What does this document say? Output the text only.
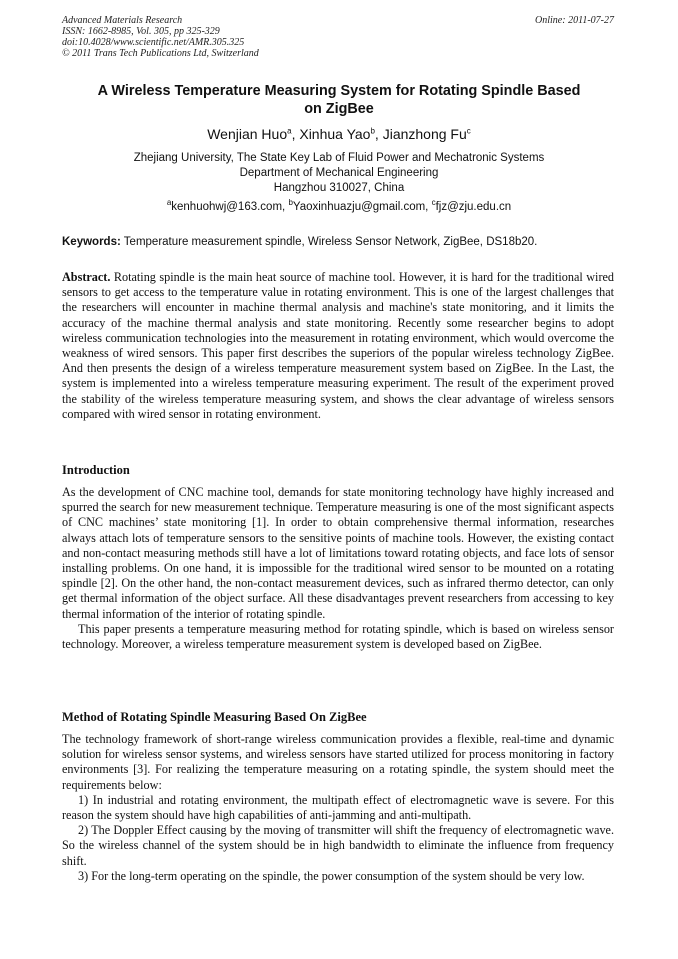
Advanced Materials Research
ISSN: 1662-8985, Vol. 305, pp 325-329
doi:10.4028/www.scientific.net/AMR.305.325
© 2011 Trans Tech Publications Ltd, Switzerland
Online: 2011-07-27
A Wireless Temperature Measuring System for Rotating Spindle Based
on ZigBee
Wenjian Huo$^a$, Xinhua Yao$^b$, Jianzhong Fu$^c$
Zhejiang University, The State Key Lab of Fluid Power and Mechatronic Systems
Department of Mechanical Engineering
Hangzhou 310027, China
$^a$kenhuohwj@163.com, $^b$Yaoxinhuazju@gmail.com, $^c$fjz@zju.edu.cn
Keywords: Temperature measurement spindle, Wireless Sensor Network, ZigBee, DS18b20.

Abstract. Rotating spindle is the main heat source of machine tool. However, it is hard for the traditional wired sensors to get access to the temperature value in rotating environment. This is one of the largest challenges that the researchers will encounter in machine thermal analysis and machine's state monitoring, and it limits the accuracy of the machine thermal analysis and state monitoring. Recently some researcher begins to adopt wireless communication technologies into the measurement in rotating environment, which would overcome the weakness of wired sensors. This paper first describes the superiors of the popular wireless technology ZigBee. And then presents the design of a wireless temperature measurement system based on ZigBee. In the Last, the system is implemented into a wireless temperature measuring experiment. The result of the experiment proved the stability of the wireless temperature measuring system, and shows the clear advantage of wireless sensors compared with wired sensor in rotating environment.

Introduction

As the development of CNC machine tool, demands for state monitoring technology have highly increased and spurred the search for new measurement technique. Temperature measuring is one of the most significant aspects of CNC machines’ state monitoring [1]. In order to obtain comprehensive thermal information, researches always attach lots of temperature sensors to the sensitive points of machine tools. However, the existing contact and non-contact measuring methods still have a lot of limitations toward rotating objects, and face lots of sensor installing problems. On one hand, it is impossible for the traditional wired sensor to be mounted on a rotating spindle [2]. On the other hand, the non-contact measurement devices, such as infrared thermo detector, can only get thermal information of the object surface. All these disadvantages prevent researchers from accessing to key thermal information of the interior of rotating spindle.

This paper presents a temperature measuring method for rotating spindle, which is based on wireless sensor technology. Moreover, a wireless temperature measurement system is developed based on ZigBee.

Method of Rotating Spindle Measuring Based On ZigBee

The technology framework of short-range wireless communication provides a flexible, real-time and dynamic solution for wireless sensor systems, and wireless sensors have started utilized for process monitoring in factory environments [3]. For realizing the temperature measuring on a rotating spindle, the system should meet the requirements below:

1) In industrial and rotating environment, the multipath effect of electromagnetic wave is severe. For this reason the system should have high capabilities of anti-jamming and anti-multipath.

2) The Doppler Effect causing by the moving of transmitter will shift the frequency of electromagnetic wave. So the wireless channel of the system should be in high bandwidth to eliminate the influence from frequency shift.

3) For the long-term operating on the spindle, the power consumption of the system should be very low.
